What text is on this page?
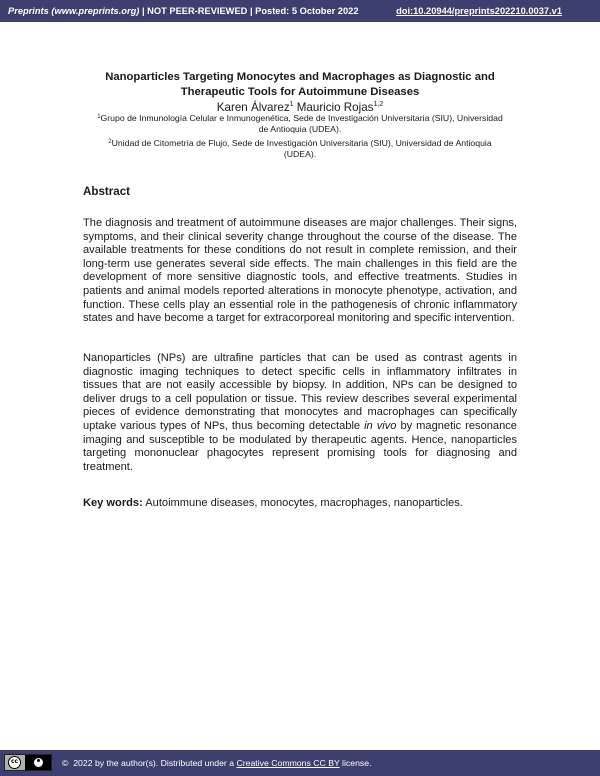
Preprints (www.preprints.org) | NOT PEER-REVIEWED | Posted: 5 October 2022	doi:10.20944/preprints202210.0037.v1
Nanoparticles Targeting Monocytes and Macrophages as Diagnostic and Therapeutic Tools for Autoimmune Diseases
Karen Álvarez$^1$ Mauricio Rojas$^{1,2}$
$^1$Grupo de Inmunología Celular e Inmunogenética, Sede de Investigación Universitaria (SIU), Universidad de Antioquia (UDEA).
$^2$Unidad de Citometría de Flujo, Sede de Investigación Universitaria (SIU), Universidad de Antioquia (UDEA).
Abstract
The diagnosis and treatment of autoimmune diseases are major challenges. Their signs, symptoms, and their clinical severity change throughout the course of the disease. The available treatments for these conditions do not result in complete remission, and their long-term use generates several side effects. The main challenges in this field are the development of more sensitive diagnostic tools, and effective treatments. Studies in patients and animal models reported alterations in monocyte phenotype, activation, and function. These cells play an essential role in the pathogenesis of chronic inflammatory states and have become a target for extracorporeal monitoring and specific intervention.
Nanoparticles (NPs) are ultrafine particles that can be used as contrast agents in diagnostic imaging techniques to detect specific cells in inflammatory infiltrates in tissues that are not easily accessible by biopsy. In addition, NPs can be designed to deliver drugs to a cell population or tissue. This review describes several experimental pieces of evidence demonstrating that monocytes and macrophages can specifically uptake various types of NPs, thus becoming detectable in vivo by magnetic resonance imaging and susceptible to be modulated by therapeutic agents. Hence, nanoparticles targeting mononuclear phagocytes represent promising tools for diagnosing and treatment.
Key words: Autoimmune diseases, monocytes, macrophages, nanoparticles.
cc	©  2022 by the author(s). Distributed under a Creative Commons CC BY license.
